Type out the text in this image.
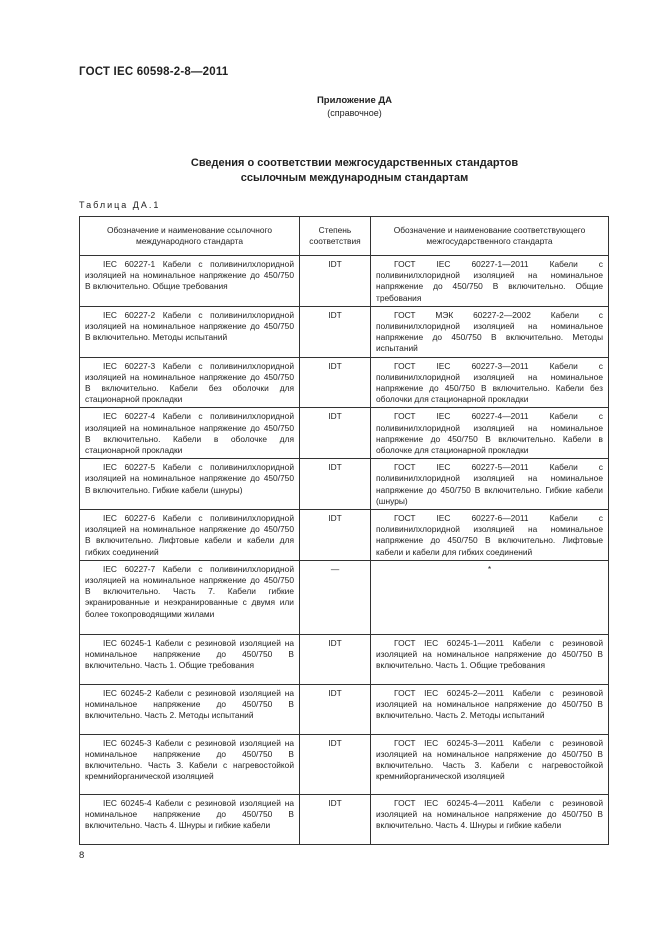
ГОСТ IEC 60598-2-8—2011
Приложение ДА
(справочное)
Сведения о соответствии межгосударственных стандартов
ссылочным международным стандартам
Таблица ДА.1
Обозначение и наименование ссылочного международного стандарта	Степень соответствия	Обозначение и наименование соответствующего межгосударственного стандарта
IEC 60227-1 Кабели с поливинилхлоридной изоляцией на номинальное напряжение до 450/750 В включительно. Общие требования	IDT	ГОСТ IEC 60227-1—2011 Кабели с поливинилхлоридной изоляцией на номинальное напряжение до 450/750 В включительно. Общие требования
IEC 60227-2 Кабели с поливинилхлоридной изоляцией на номинальное напряжение до 450/750 В включительно. Методы испытаний	IDT	ГОСТ МЭК 60227-2—2002 Кабели с поливинилхлоридной изоляцией на номинальное напряжение до 450/750 В включительно. Методы испытаний
IEC 60227-3 Кабели с поливинилхлоридной изоляцией на номинальное напряжение до 450/750 В включительно. Кабели без оболочки для стационарной прокладки	IDT	ГОСТ IEC 60227-3—2011 Кабели с поливинилхлоридной изоляцией на номинальное напряжение до 450/750 В включительно. Кабели без оболочки для стационарной прокладки
IEC 60227-4 Кабели с поливинилхлоридной изоляцией на номинальное напряжение до 450/750 В включительно. Кабели в оболочке для стационарной прокладки	IDT	ГОСТ IEC 60227-4—2011 Кабели с поливинилхлоридной изоляцией на номинальное напряжение до 450/750 В включительно. Кабели в оболочке для стационарной прокладки
IEC 60227-5 Кабели с поливинилхлоридной изоляцией на номинальное напряжение до 450/750 В включительно. Гибкие кабели (шнуры)	IDT	ГОСТ IEC 60227-5—2011 Кабели с поливинилхлоридной изоляцией на номинальное напряжение до 450/750 В включительно. Гибкие кабели (шнуры)
IEC 60227-6 Кабели с поливинилхлоридной изоляцией на номинальное напряжение до 450/750 В включительно. Лифтовые кабели и кабели для гибких соединений	IDT	ГОСТ IEC 60227-6—2011 Кабели с поливинилхлоридной изоляцией на номинальное напряжение до 450/750 В включительно. Лифтовые кабели и кабели для гибких соединений
IEC 60227-7 Кабели с поливинилхлоридной изоляцией на номинальное напряжение до 450/750 В включительно. Часть 7. Кабели гибкие экранированные и неэкранированные с двумя или более токопроводящими жилами	—	*
IEC 60245-1 Кабели с резиновой изоляцией на номинальное напряжение до 450/750 В включительно. Часть 1. Общие требования	IDT	ГОСТ IEC 60245-1—2011 Кабели с резиновой изоляцией на номинальное напряжение до 450/750 В включительно. Часть 1. Общие требования
IEC 60245-2 Кабели с резиновой изоляцией на номинальное напряжение до 450/750 В включительно. Часть 2. Методы испытаний	IDT	ГОСТ IEC 60245-2—2011 Кабели с резиновой изоляцией на номинальное напряжение до 450/750 В включительно. Часть 2. Методы испытаний
IEC 60245-3 Кабели с резиновой изоляцией на номинальное напряжение до 450/750 В включительно. Часть 3. Кабели с нагревостойкой кремнийорганической изоляцией	IDT	ГОСТ IEC 60245-3—2011 Кабели с резиновой изоляцией на номинальное напряжение до 450/750 В включительно. Часть 3. Кабели с нагревостойкой кремнийорганической изоляцией
IEC 60245-4 Кабели с резиновой изоляцией на номинальное напряжение до 450/750 В включительно. Часть 4. Шнуры и гибкие кабели	IDT	ГОСТ IEC 60245-4—2011 Кабели с резиновой изоляцией на номинальное напряжение до 450/750 В включительно. Часть 4. Шнуры и гибкие кабели
8
